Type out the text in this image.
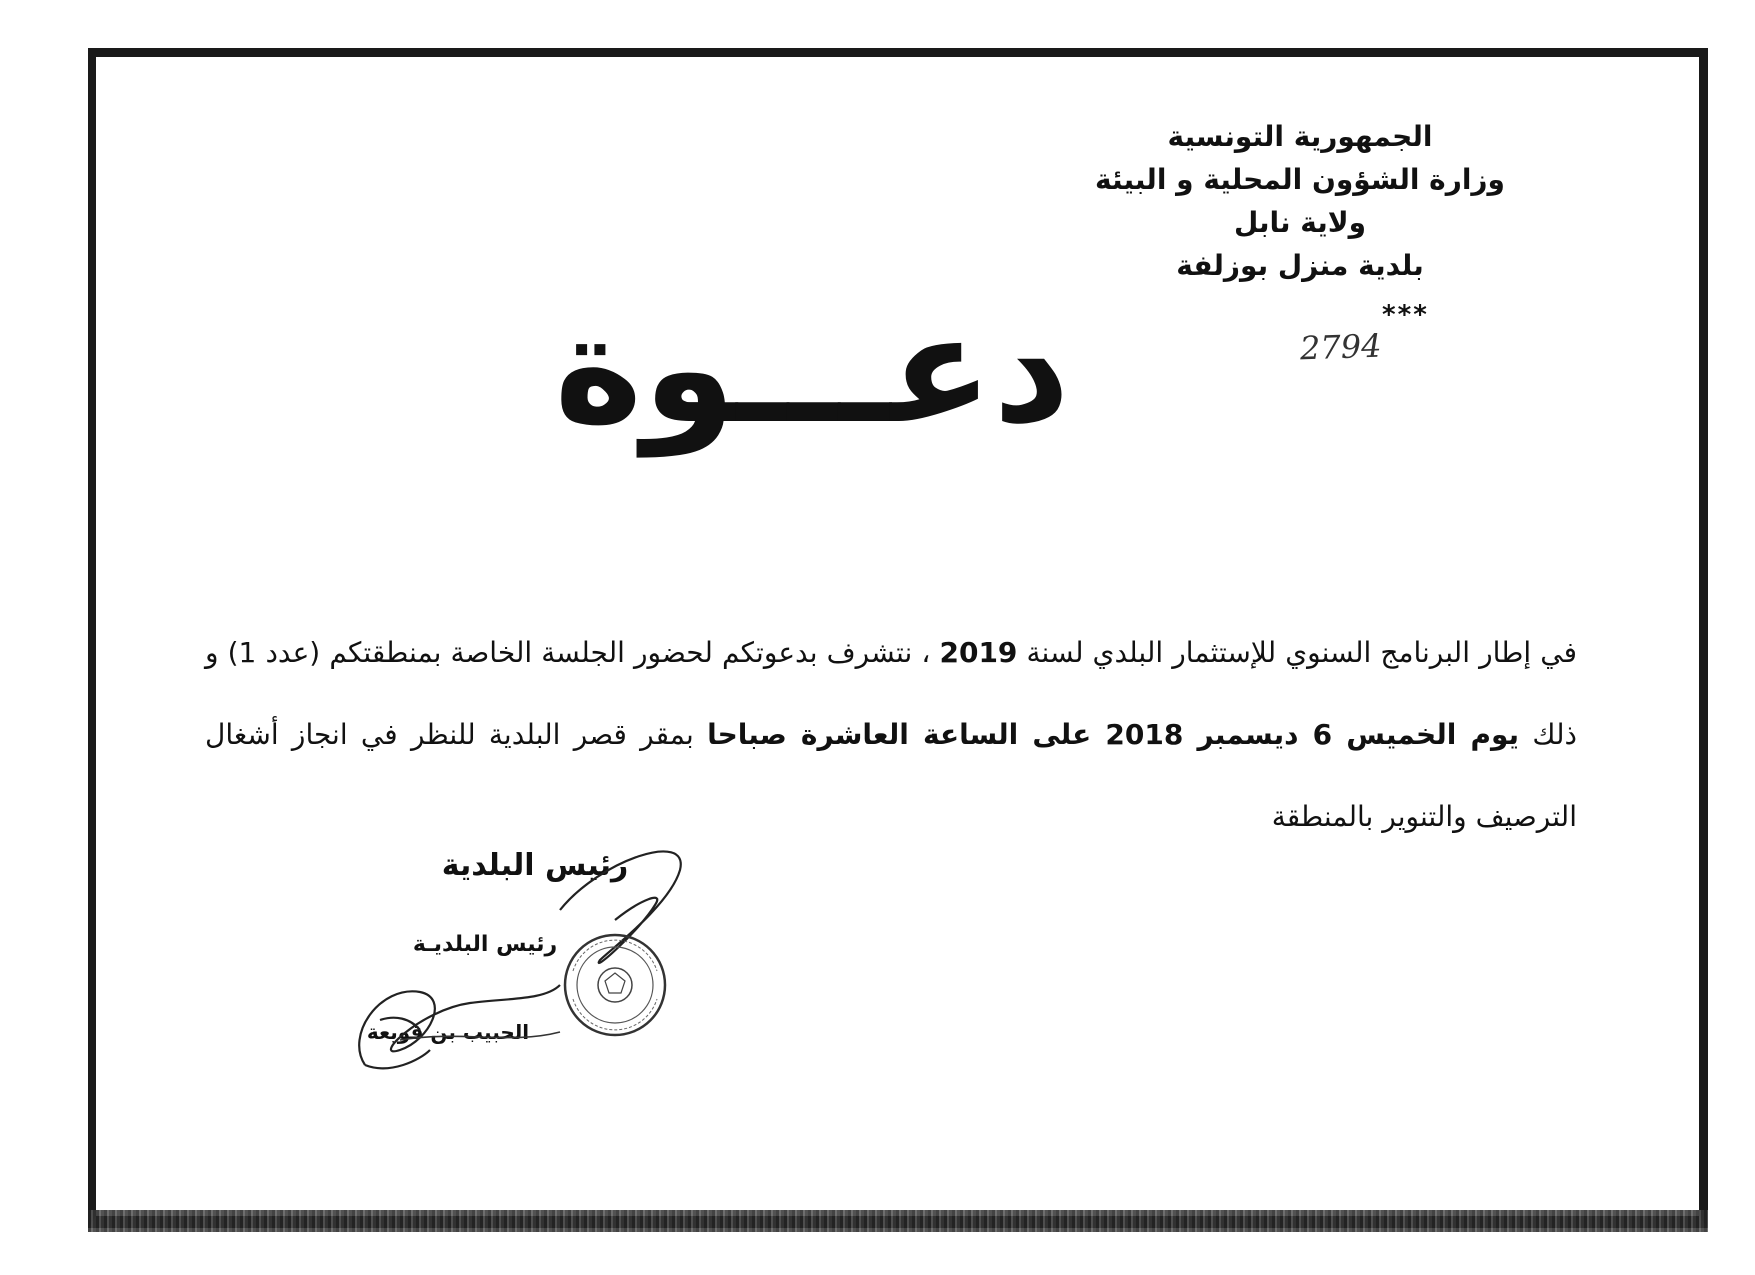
الجمهورية التونسية
وزارة الشؤون المحلية و البيئة
ولاية نابل
بلدية منزل بوزلفة
***
2794
دعـــوة
في إطار البرنامج السنوي للإستثمار البلدي لسنة 2019 ، نتشرف بدعوتكم لحضور الجلسة الخاصة بمنطقتكم (عدد 1) و ذلك يوم الخميس 6 ديسمبر 2018 على الساعة العاشرة صباحا بمقر قصر البلدية للنظر في انجاز أشغال الترصيف والتنوير بالمنطقة
رئيس البلدية
رئيس البلديـة
الحبيب بن قويعة
